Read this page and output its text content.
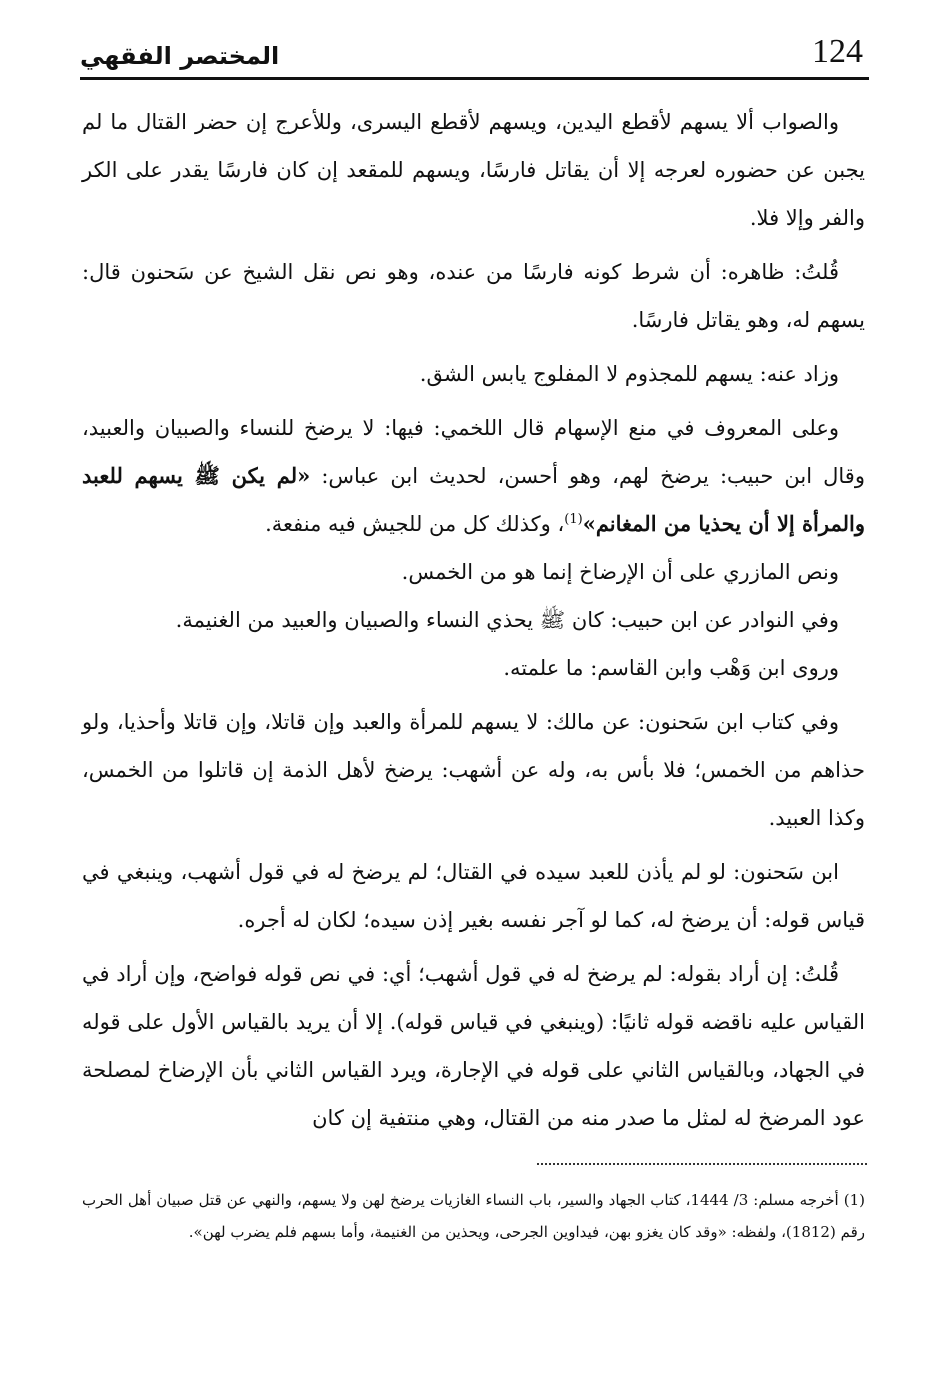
124
المختصر الفقهي

والصواب ألا يسهم لأقطع اليدين، ويسهم لأقطع اليسرى، وللأعرج إن حضر القتال ما لم يجبن عن حضوره لعرجه إلا أن يقاتل فارسًا، ويسهم للمقعد إن كان فارسًا يقدر على الكر والفر وإلا فلا.

قُلتُ: ظاهره: أن شرط كونه فارسًا من عنده، وهو نص نقل الشيخ عن سَحنون قال: يسهم له، وهو يقاتل فارسًا.

وزاد عنه: يسهم للمجذوم لا المفلوج يابس الشق.

وعلى المعروف في منع الإسهام قال اللخمي: فيها: لا يرضخ للنساء والصبيان والعبيد، وقال ابن حبيب: يرضخ لهم، وهو أحسن، لحديث ابن عباس: «لم يكن ﷺ يسهم للعبد والمرأة إلا أن يحذيا من المغانم»$^{(1)}$، وكذلك كل من للجيش فيه منفعة.

ونص المازري على أن الإرضاخ إنما هو من الخمس.

وفي النوادر عن ابن حبيب: كان ﷺ يحذي النساء والصبيان والعبيد من الغنيمة.

وروى ابن وَهْب وابن القاسم: ما علمته.

وفي كتاب ابن سَحنون: عن مالك: لا يسهم للمرأة والعبد وإن قاتلا، وإن قاتلا وأحذيا، ولو حذاهم من الخمس؛ فلا بأس به، وله عن أشهب: يرضخ لأهل الذمة إن قاتلوا من الخمس، وكذا العبيد.

ابن سَحنون: لو لم يأذن للعبد سيده في القتال؛ لم يرضخ له في قول أشهب، وينبغي في قياس قوله: أن يرضخ له، كما لو آجر نفسه بغير إذن سيده؛ لكان له أجره.

قُلتُ: إن أراد بقوله: لم يرضخ له في قول أشهب؛ أي: في نص قوله فواضح، وإن أراد في القياس عليه ناقضه قوله ثانيًا: (وينبغي في قياس قوله). إلا أن يريد بالقياس الأول على قوله في الجهاد، وبالقياس الثاني على قوله في الإجارة، ويرد القياس الثاني بأن الإرضاخ لمصلحة عود المرضخ له لمثل ما صدر منه من القتال، وهي منتفية إن كان

(1) أخرجه مسلم: 3/ 1444، كتاب الجهاد والسير، باب النساء الغازيات يرضخ لهن ولا يسهم، والنهي عن قتل صبيان أهل الحرب رقم (1812)، ولفظه: «وقد كان يغزو بهن، فيداوين الجرحى، ويحذين من الغنيمة، وأما بسهم فلم يضرب لهن».
